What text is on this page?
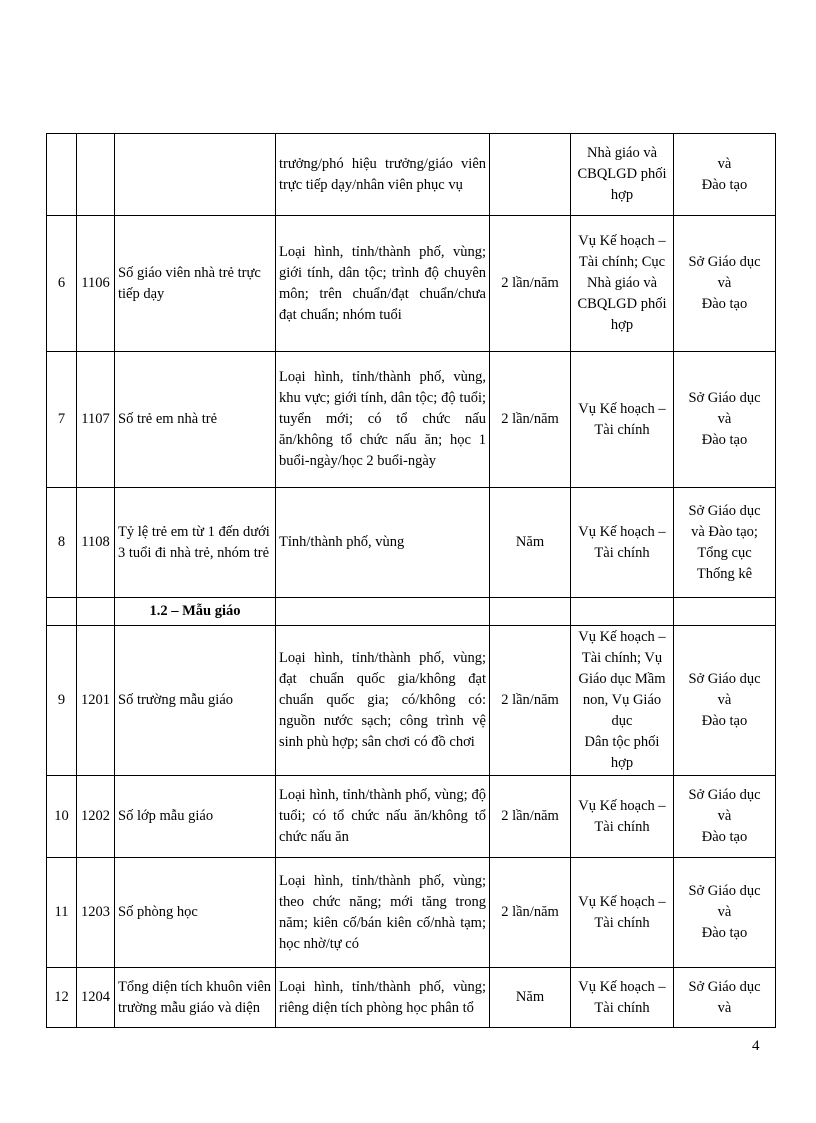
			trưởng/phó hiệu trưởng/giáo viên trực tiếp dạy/nhân viên phục vụ		Nhà giáo và
CBQLGD phối
hợp	và
Đào tạo

6	1106	Số giáo viên nhà trẻ trực tiếp dạy	Loại hình, tỉnh/thành phố, vùng; giới tính, dân tộc; trình độ chuyên môn; trên chuẩn/đạt chuẩn/chưa đạt chuẩn; nhóm tuổi	2 lần/năm	Vụ Kế hoạch –
Tài chính; Cục
Nhà giáo và
CBQLGD phối
hợp	Sở Giáo dục
và
Đào tạo

7	1107	Số trẻ em nhà trẻ	Loại hình, tỉnh/thành phố, vùng, khu vực; giới tính, dân tộc; độ tuổi; tuyển mới; có tổ chức nấu ăn/không tổ chức nấu ăn; học 1 buổi-ngày/học 2 buổi-ngày	2 lần/năm	Vụ Kế hoạch –
Tài chính	Sở Giáo dục
và
Đào tạo

8	1108	Tỷ lệ trẻ em từ 1 đến dưới 3 tuổi đi nhà trẻ, nhóm trẻ	Tỉnh/thành phố, vùng	Năm	Vụ Kế hoạch –
Tài chính	Sở Giáo dục
và Đào tạo;
Tổng cục
Thống kê

		1.2 – Mẫu giáo				
9	1201	Số trường mẫu giáo	Loại hình, tỉnh/thành phố, vùng; đạt chuẩn quốc gia/không đạt chuẩn quốc gia; có/không có: nguồn nước sạch; công trình vệ sinh phù hợp; sân chơi có đồ chơi	2 lần/năm	Vụ Kế hoạch –
Tài chính; Vụ
Giáo dục Mầm
non, Vụ Giáo dục
Dân tộc phối hợp	Sở Giáo dục
và
Đào tạo

10	1202	Số lớp mẫu giáo	Loại hình, tỉnh/thành phố, vùng; độ tuổi; có tổ chức nấu ăn/không tổ chức nấu ăn	2 lần/năm	Vụ Kế hoạch –
Tài chính	Sở Giáo dục
và
Đào tạo

11	1203	Số phòng học	Loại hình, tỉnh/thành phố, vùng; theo chức năng; mới tăng trong năm; kiên cố/bán kiên cố/nhà tạm; học nhờ/tự có	2 lần/năm	Vụ Kế hoạch –
Tài chính	Sở Giáo dục
và
Đào tạo

12	1204	Tổng diện tích khuôn viên trường mẫu giáo và diện	Loại hình, tỉnh/thành phố, vùng; riêng diện tích phòng học phân tổ	Năm	Vụ Kế hoạch –
Tài chính	Sở Giáo dục
và
4
